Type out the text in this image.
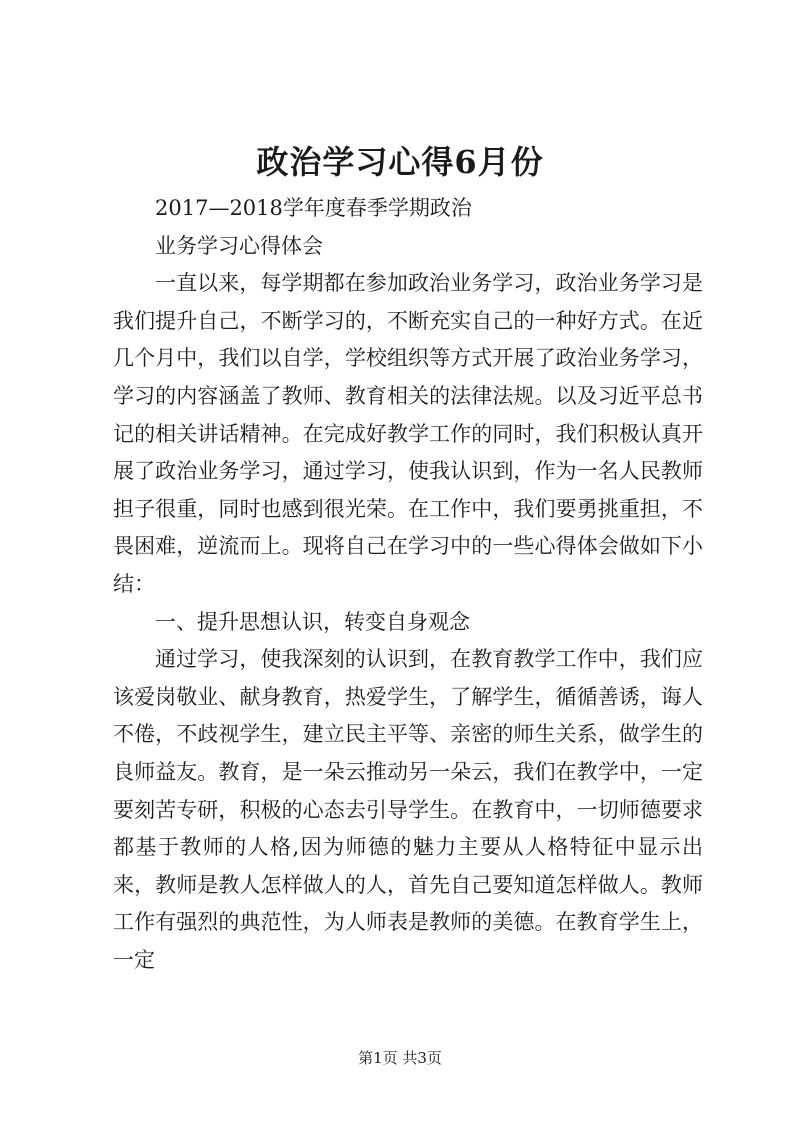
政治学习心得6月份

2017—2018学年度春季学期政治

业务学习心得体会

一直以来，每学期都在参加政治业务学习，政治业务学习是我们提升自己，不断学习的，不断充实自己的一种好方式。在近几个月中，我们以自学，学校组织等方式开展了政治业务学习，学习的内容涵盖了教师、教育相关的法律法规。以及习近平总书记的相关讲话精神。在完成好教学工作的同时，我们积极认真开展了政治业务学习，通过学习，使我认识到，作为一名人民教师担子很重，同时也感到很光荣。在工作中，我们要勇挑重担，不畏困难，逆流而上。现将自己在学习中的一些心得体会做如下小结：

一、提升思想认识，转变自身观念

通过学习，使我深刻的认识到，在教育教学工作中，我们应该爱岗敬业、献身教育，热爱学生，了解学生，循循善诱，诲人不倦，不歧视学生，建立民主平等、亲密的师生关系，做学生的良师益友。教育，是一朵云推动另一朵云，我们在教学中，一定要刻苦专研，积极的心态去引导学生。在教育中，一切师德要求都基于教师的人格,因为师德的魅力主要从人格特征中显示出来，教师是教人怎样做人的人，首先自己要知道怎样做人。教师工作有强烈的典范性，为人师表是教师的美德。在教育学生上，一定

第1页 共3页
